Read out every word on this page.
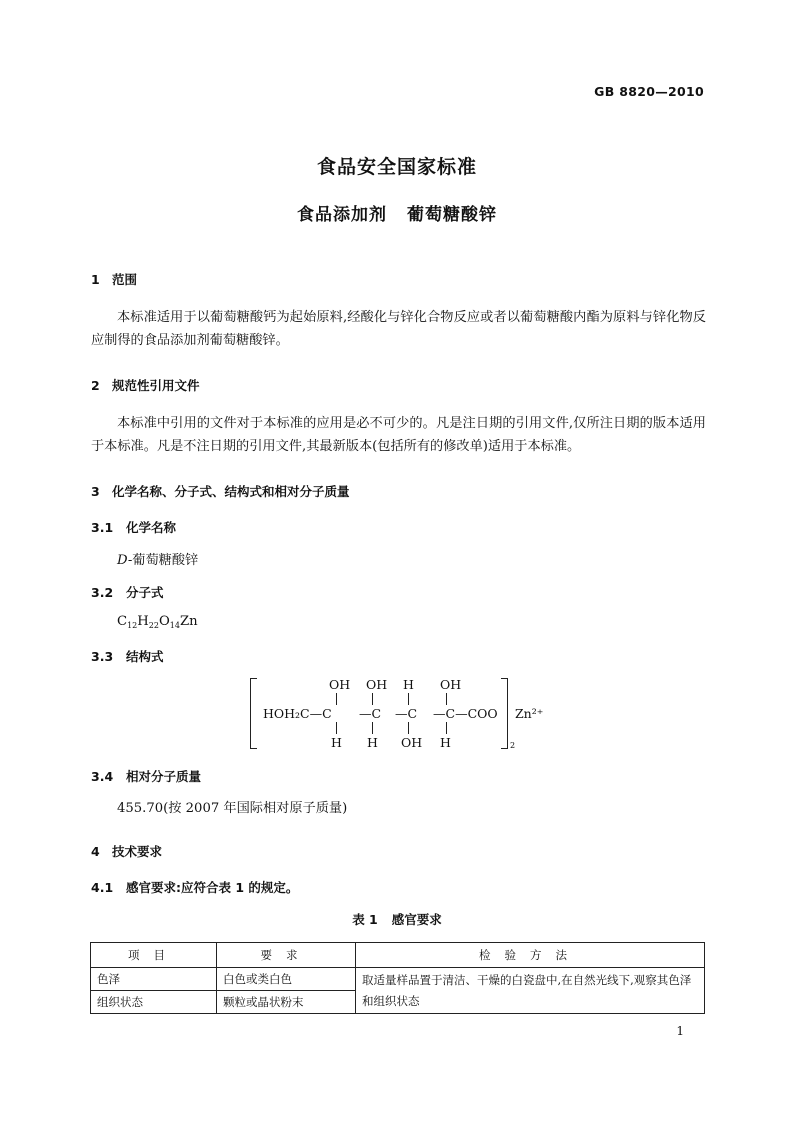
GB 8820—2010
食品安全国家标准
食品添加剂 葡萄糖酸锌
1 范围
本标准适用于以葡萄糖酸钙为起始原料,经酸化与锌化合物反应或者以葡萄糖酸内酯为原料与锌化物反应制得的食品添加剂葡萄糖酸锌。
2 规范性引用文件
本标准中引用的文件对于本标准的应用是必不可少的。凡是注日期的引用文件,仅所注日期的版本适用于本标准。凡是不注日期的引用文件,其最新版本(包括所有的修改单)适用于本标准。
3 化学名称、分子式、结构式和相对分子质量
3.1 化学名称
D-葡萄糖酸锌
3.2 分子式
$C_{12}H_{22}O_{14}Zn$
3.3 结构式
OH OH H OH
HOH₂C—C —C —C —C—COO
H H OH H	2
Zn²⁺
3.4 相对分子质量
455.70(按 2007 年国际相对原子质量)
4 技术要求
4.1 感官要求:应符合表 1 的规定。
表 1 感官要求
项目	要求	检验方法
色泽	白色或类白色	取适量样品置于清洁、干燥的白瓷盘中,在自然光线下,观察其色泽和组织状态
组织状态	颗粒或晶状粉末	
1
